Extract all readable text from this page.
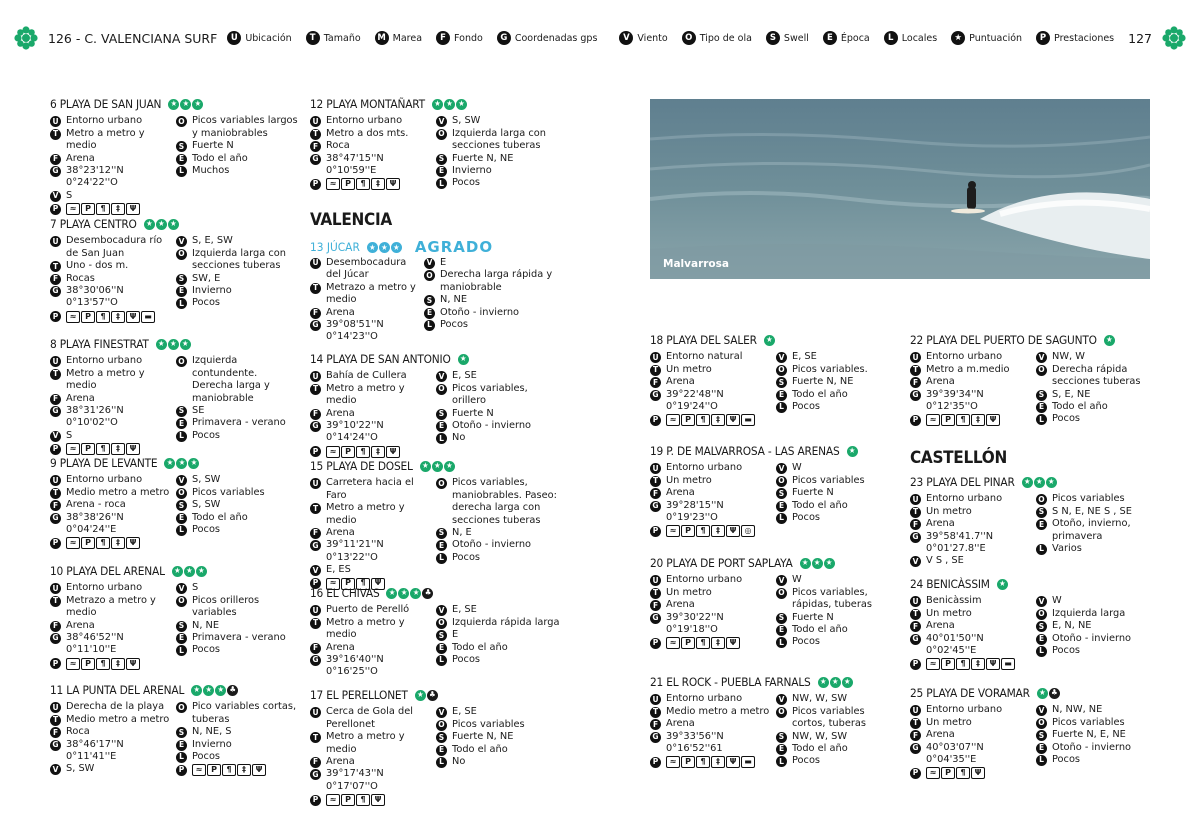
126 - C. VALENCIANA SURF	U Ubicación	T Tamaño	M Marea	F Fondo	G Coordenadas gps	V Viento	O Tipo de ola	S Swell	E Época	L Locales	★ Puntuación	P Prestaciones 127
VALENCIA
CASTELLÓN
13 JÚCAR ★ ★ ★ AGRADO
Malvarrosa
6 PLAYA DE SAN JUAN ★ ★ ★
U Entorno urbano
T Metro a metro y medio
F Arena
G 38°23'12''N 0°24'22''O
V S
P	≈	P	¶	‡	Ψ
O Picos variables largos y maniobrables
S Fuerte N
E Todo el año
L Muchos
7 PLAYA CENTRO ★ ★ ★
U Desembocadura río de San Juan
T Uno - dos m.
F Rocas
G 38°30'06''N 0°13'57''O
P	≈	P	¶	‡	Ψ ▬
V S, E, SW
O Izquierda larga con secciones tuberas
S SW, E
E Invierno
L Pocos
8 PLAYA FINESTRAT ★ ★ ★
U Entorno urbano
T Metro a metro y medio
F Arena
G 38°31'26''N 0°10'02''O
V S
P	≈	P	¶	‡	Ψ
O Izquierda contundente. Derecha larga y maniobrable
S SE
E Primavera - verano
L Pocos
9 PLAYA DE LEVANTE ★ ★ ★
U Entorno urbano
T Medio metro a metro
F Arena - roca
G 38°38'26''N 0°04'24''E
P	≈	P	¶	‡	Ψ
V S, SW
O Picos variables
S S, SW
E Todo el año
L Pocos
10 PLAYA DEL ARENAL ★ ★ ★
U Entorno urbano
T Metrazo a metro y medio
F Arena
G 38°46'52''N 0°11'10''E
P	≈	P	¶	‡	Ψ
V S
O Picos orilleros variables
S N, NE
E Primavera - verano
L Pocos
11 LA PUNTA DEL ARENAL ★ ★ ★ ♣
U Derecha de la playa
T Medio metro a metro
F Roca
G 38°46'17''N 0°11'41''E
V S, SW
O Pico variables cortas, tuberas
S N, NE, S
E Invierno
L Pocos
P	≈	P	¶	‡	Ψ
12 PLAYA MONTAÑART ★ ★ ★
U Entorno urbano
T Metro a dos mts.
F Roca
G 38°47'15''N 0°10'59''E
P	≈	P	¶	‡	Ψ
V S, SW
O Izquierda larga con secciones tuberas
S Fuerte N, NE
E Invierno
L Pocos
U Desembocadura del Júcar
T Metrazo a metro y medio
F Arena
G 39°08'51''N 0°14'23''O
V E
O Derecha larga rápida y maniobrable
S N, NE
E Otoño - invierno
L Pocos
14 PLAYA DE SAN ANTONIO ★
U Bahía de Cullera
T Metro a metro y medio
F Arena
G 39°10'22''N 0°14'24''O
P	≈	P	¶	‡	Ψ
V E, SE
O Picos variables, orillero
S Fuerte N
E Otoño - invierno
L No
15 PLAYA DE DOSEL ★ ★ ★
U Carretera hacia el Faro
T Metro a metro y medio
F Arena
G 39°11'21''N 0°13'22''O
V E, ES
P	≈	P	¶	Ψ
O Picos variables, maniobrables. Paseo: derecha larga con secciones tuberas
S N, E
E Otoño - invierno
L Pocos
16 EL CHIVAS ★ ★ ★ ♣
U Puerto de Perelló
T Metro a metro y medio
F Arena
G 39°16'40''N 0°16'25''O
V E, SE
O Izquierda rápida larga
S E
E Todo el año
L Pocos
17 EL PERELLONET ★ ♣
U Cerca de Gola del Perellonet
T Metro a metro y medio
F Arena
G 39°17'43''N 0°17'07''O
P	≈	P	¶	Ψ
V E, SE
O Picos variables
S Fuerte N, NE
E Todo el año
L No
18 PLAYA DEL SALER ★
U Entorno natural
T Un metro
F Arena
G 39°22'48''N 0°19'24''O
P	≈	P	¶	‡	Ψ ▬
V E, SE
O Picos variables.
S Fuerte N, NE
E Todo el año
L Pocos
19 P. DE MALVARROSA - LAS ARENAS ★
U Entorno urbano
T Un metro
F Arena
G 39°28'15''N 0°19'23''O
P	≈	P	¶	‡	Ψ	◎
V W
O Picos variables
S Fuerte N
E Todo el año
L Pocos
20 PLAYA DE PORT SAPLAYA ★ ★ ★
U Entorno urbano
T Un metro
F Arena
G 39°30'22''N 0°19'18''O
P	≈	P	¶	‡	Ψ
V W
O Picos variables, rápidas, tuberas
S Fuerte N
E Todo el año
L Pocos
21 EL ROCK - PUEBLA FARNALS ★ ★ ★
U Entorno urbano
T Medio metro a metro
F Arena
G 39°33'56''N 0°16'52''61
P	≈	P	¶	‡	Ψ ▬
V NW, W, SW
O Picos variables cortos, tuberas
S NW, W, SW
E Todo el año
L Pocos
22 PLAYA DEL PUERTO DE SAGUNTO ★
U Entorno urbano
T Metro a m.medio
F Arena
G 39°39'34''N 0°12'35''O
P	≈	P	¶	‡	Ψ
V NW, W
O Derecha rápida secciones tuberas
S S, E, NE
E Todo el año
L Pocos
23 PLAYA DEL PINAR ★ ★ ★
U Entorno urbano
T Un metro
F Arena
G 39°58'41.7''N 0°01'27.8''E
V V S , SE
O Picos variables
S S N, E, NE S , SE
E Otoño, invierno, primavera
L Varios
24 BENICÀSSIM ★
U Benicàssim
T Un metro
F Arena
G 40°01'50''N 0°02'45''E
P	≈	P	¶	‡	Ψ ▬
V W
O Izquierda larga
S E, N, NE
E Otoño - invierno
L Pocos
25 PLAYA DE VORAMAR ★ ♣
U Entorno urbano
T Un metro
F Arena
G 40°03'07''N 0°04'35''E
P	≈	P	¶	Ψ
V N, NW, NE
O Picos variables
S Fuerte N, E, NE
E Otoño - invierno
L Pocos
